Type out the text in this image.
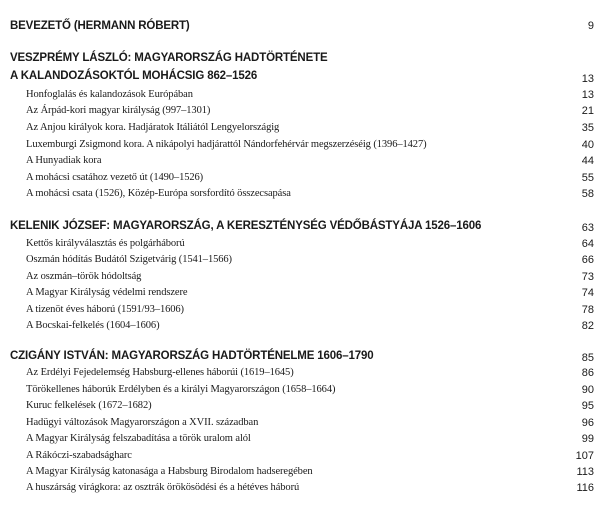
BEVEZETŐ (HERMANN RÓBERT)	9
VESZPRÉMY LÁSZLÓ: MAGYARORSZÁG HADTÖRTÉNETE
A KALANDOZÁSOKTÓL MOHÁCSIG 862–1526	13
Honfoglalás és kalandozások Európában	13
Az Árpád-kori magyar királyság (997–1301)	21
Az Anjou királyok kora. Hadjáratok Itáliától Lengyelországig	35
Luxemburgi Zsigmond kora. A nikápolyi hadjárattól Nándorfehérvár megszerzéséig (1396–1427)	40
A Hunyadiak kora	44
A mohácsi csatához vezető út (1490–1526)	55
A mohácsi csata (1526), Közép-Európa sorsfordító összecsapása	58
KELENIK JÓZSEF: MAGYARORSZÁG, A KERESZTÉNYSÉG VÉDŐBÁSTYÁJA 1526–1606	63
Kettős királyválasztás és polgárháború	64
Oszmán hódítás Budától Szigetvárig (1541–1566)	66
Az oszmán–török hódoltság	73
A Magyar Királyság védelmi rendszere	74
A tizenöt éves háború (1591/93–1606)	78
A Bocskai-felkelés (1604–1606)	82
CZIGÁNY ISTVÁN: MAGYARORSZÁG HADTÖRTÉNELME 1606–1790	85
Az Erdélyi Fejedelemség Habsburg-ellenes háborúi (1619–1645)	86
Törökellenes háborúk Erdélyben és a királyi Magyarországon (1658–1664)	90
Kuruc felkelések (1672–1682)	95
Hadügyi változások Magyarországon a XVII. században	96
A Magyar Királyság felszabadítása a török uralom alól	99
A Rákóczi-szabadságharc	107
A Magyar Királyság katonasága a Habsburg Birodalom hadseregében	113
A huszárság virágkora: az osztrák örökösödési és a hétéves háború	116
